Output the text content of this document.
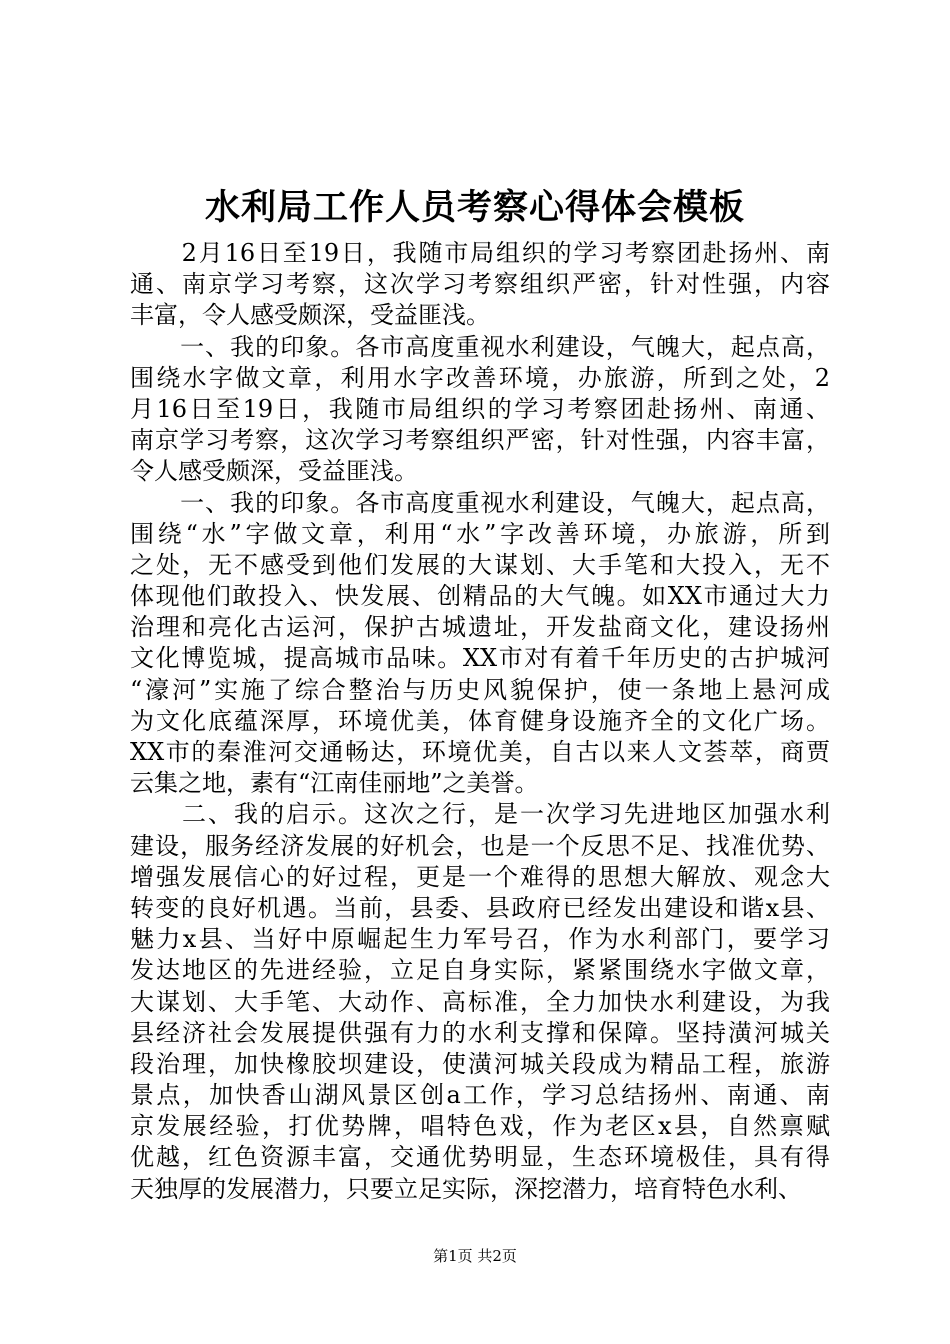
水利局工作人员考察心得体会模板
　　2月16日至19日，我随市局组织的学习考察团赴扬州、南
通、南京学习考察，这次学习考察组织严密，针对性强，内容
丰富，令人感受颇深，受益匪浅。
　　一、我的印象。各市高度重视水利建设，气魄大，起点高，
围绕水字做文章，利用水字改善环境，办旅游，所到之处，2
月16日至19日，我随市局组织的学习考察团赴扬州、南通、
南京学习考察，这次学习考察组织严密，针对性强，内容丰富，
令人感受颇深，受益匪浅。
　　一、我的印象。各市高度重视水利建设，气魄大，起点高，
围绕“水”字做文章，利用“水”字改善环境，办旅游，所到
之处，无不感受到他们发展的大谋划、大手笔和大投入，无不
体现他们敢投入、快发展、创精品的大气魄。如XX市通过大力
治理和亮化古运河，保护古城遗址，开发盐商文化，建设扬州
文化博览城，提高城市品味。XX市对有着千年历史的古护城河
“濠河”实施了综合整治与历史风貌保护，使一条地上悬河成
为文化底蕴深厚，环境优美，体育健身设施齐全的文化广场。
XX市的秦淮河交通畅达，环境优美，自古以来人文荟萃，商贾
云集之地，素有“江南佳丽地”之美誉。
　　二、我的启示。这次之行，是一次学习先进地区加强水利
建设，服务经济发展的好机会，也是一个反思不足、找准优势、
增强发展信心的好过程，更是一个难得的思想大解放、观念大
转变的良好机遇。当前，县委、县政府已经发出建设和谐x县、
魅力x县、当好中原崛起生力军号召，作为水利部门，要学习
发达地区的先进经验，立足自身实际，紧紧围绕水字做文章，
大谋划、大手笔、大动作、高标准，全力加快水利建设，为我
县经济社会发展提供强有力的水利支撑和保障。坚持潢河城关
段治理，加快橡胶坝建设，使潢河城关段成为精品工程，旅游
景点，加快香山湖风景区创a工作，学习总结扬州、南通、南
京发展经验，打优势牌，唱特色戏，作为老区x县，自然禀赋
优越，红色资源丰富，交通优势明显，生态环境极佳，具有得
天独厚的发展潜力，只要立足实际，深挖潜力，培育特色水利、
第1页 共2页
